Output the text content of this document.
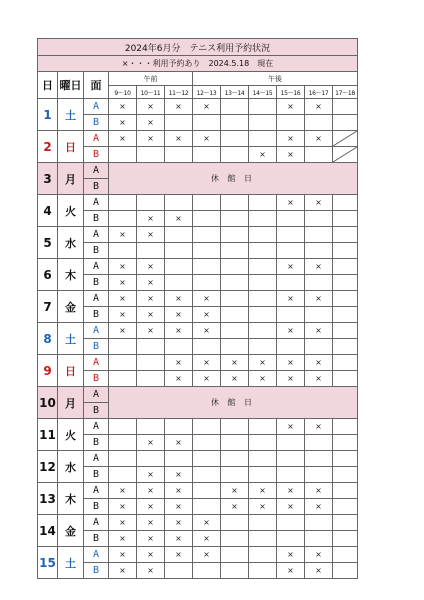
2024年6月分　テニス利用予約状況											
×・・・利用予約あり　2024.5.18　現在											
日	曜日	面	午前			午後					
			9～10	10～11	11～12	12～13	13～14	14～15	15～16	16～17	17～18
1	土	A	×	×	×	×			×	×	
		B	×	×							
2	日	A	×	×	×	×			×	×	

		B						×	×		

3	月	A	休 館 日								
		B									
4	火	A							×	×	
		B		×	×						
5	水	A	×	×							
		B									
6	木	A	×	×					×	×	
		B	×	×							
7	金	A	×	×	×	×			×	×	
		B	×	×	×	×					
8	土	A	×	×	×	×			×	×	
		B									
9	日	A			×	×	×	×	×	×	
		B			×	×	×	×	×	×	
10	月	A	休 館 日								
		B									
11	火	A							×	×	
		B		×	×						
12	水	A									
		B		×	×						
13	木	A	×	×	×		×	×	×	×	
		B	×	×	×		×	×	×	×	
14	金	A	×	×	×	×					
		B	×	×	×	×					
15	土	A	×	×	×	×			×	×	
		B	×	×					×	×	
